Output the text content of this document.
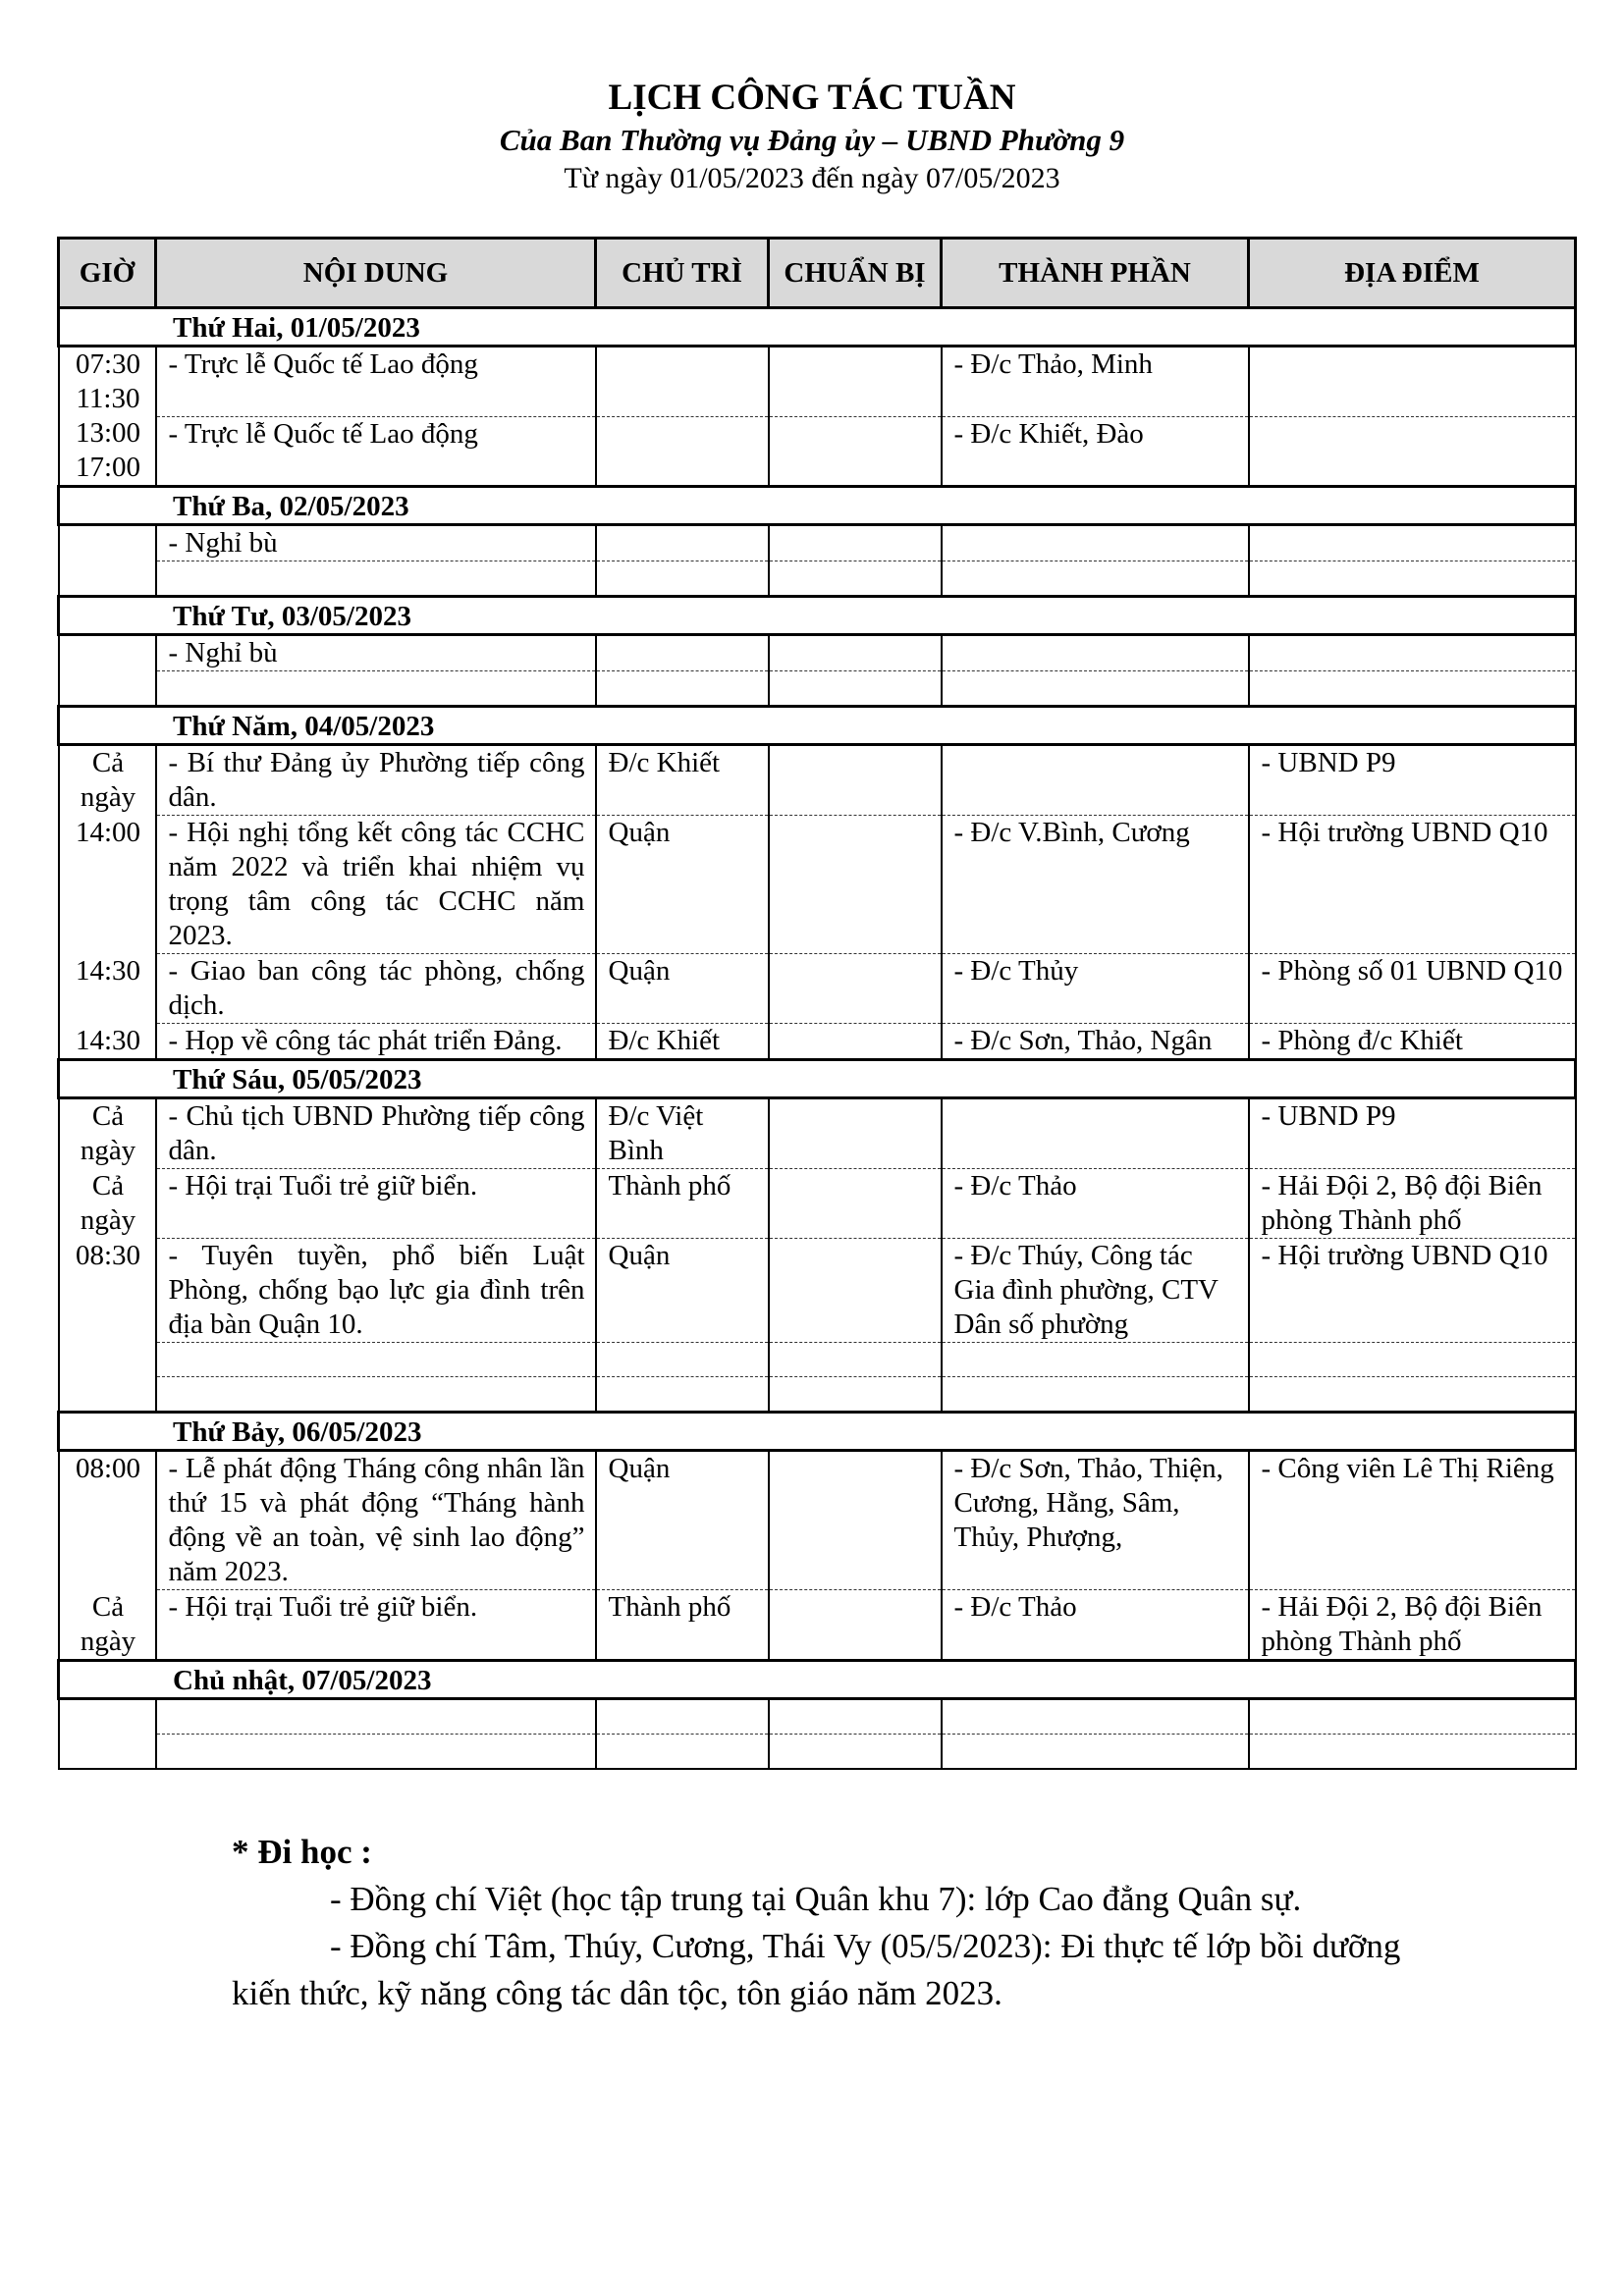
LỊCH CÔNG TÁC TUẦN
Của Ban Thường vụ Đảng ủy – UBND Phường 9
Từ ngày 01/05/2023 đến ngày 07/05/2023
GIỜ	NỘI DUNG	CHỦ TRÌ	CHUẨN BỊ	THÀNH PHẦN	ĐỊA ĐIỂM
Thứ Hai, 01/05/2023					
07:30 11:30	- Trực lễ Quốc tế Lao động			- Đ/c Thảo, Minh	
13:00 17:00	- Trực lễ Quốc tế Lao động			- Đ/c Khiết, Đào	
Thứ Ba, 02/05/2023					
	- Nghỉ bù				

Thứ Tư, 03/05/2023					
	- Nghỉ bù				

Thứ Năm, 04/05/2023					
Cả ngày	- Bí thư Đảng ủy Phường tiếp công dân.	Đ/c Khiết			- UBND P9
14:00	- Hội nghị tổng kết công tác CCHC năm 2022 và triển khai nhiệm vụ trọng tâm công tác CCHC năm 2023.	Quận		- Đ/c V.Bình, Cương	- Hội trường UBND Q10
14:30	- Giao ban công tác phòng, chống dịch.	Quận		- Đ/c Thủy	- Phòng số 01 UBND Q10
14:30	- Họp về công tác phát triển Đảng.	Đ/c Khiết		- Đ/c Sơn, Thảo, Ngân	- Phòng đ/c Khiết
Thứ Sáu, 05/05/2023					
Cả ngày	- Chủ tịch UBND Phường tiếp công dân.	Đ/c Việt Bình			- UBND P9
Cả ngày	- Hội trại Tuổi trẻ giữ biển.	Thành phố		- Đ/c Thảo	- Hải Đội 2, Bộ đội Biên phòng Thành phố
08:30	- Tuyên tuyền, phổ biến Luật Phòng, chống bạo lực gia đình trên địa bàn Quận 10.	Quận		- Đ/c Thúy, Công tác Gia đình phường, CTV Dân số phường	- Hội trường UBND Q10

Thứ Bảy, 06/05/2023					
08:00	- Lễ phát động Tháng công nhân lần thứ 15 và phát động “Tháng hành động về an toàn, vệ sinh lao động” năm 2023.	Quận		- Đ/c Sơn, Thảo, Thiện, Cương, Hằng, Sâm, Thủy, Phượng,	- Công viên Lê Thị Riêng
Cả ngày	- Hội trại Tuổi trẻ giữ biển.	Thành phố		- Đ/c Thảo	- Hải Đội 2, Bộ đội Biên phòng Thành phố
Chủ nhật, 07/05/2023					

* Đi học :

- Đồng chí Việt (học tập trung tại Quân khu 7): lớp Cao đẳng Quân sự.

- Đồng chí Tâm, Thúy, Cương, Thái Vy (05/5/2023): Đi thực tế lớp bồi dưỡng kiến thức, kỹ năng công tác dân tộc, tôn giáo năm 2023.
